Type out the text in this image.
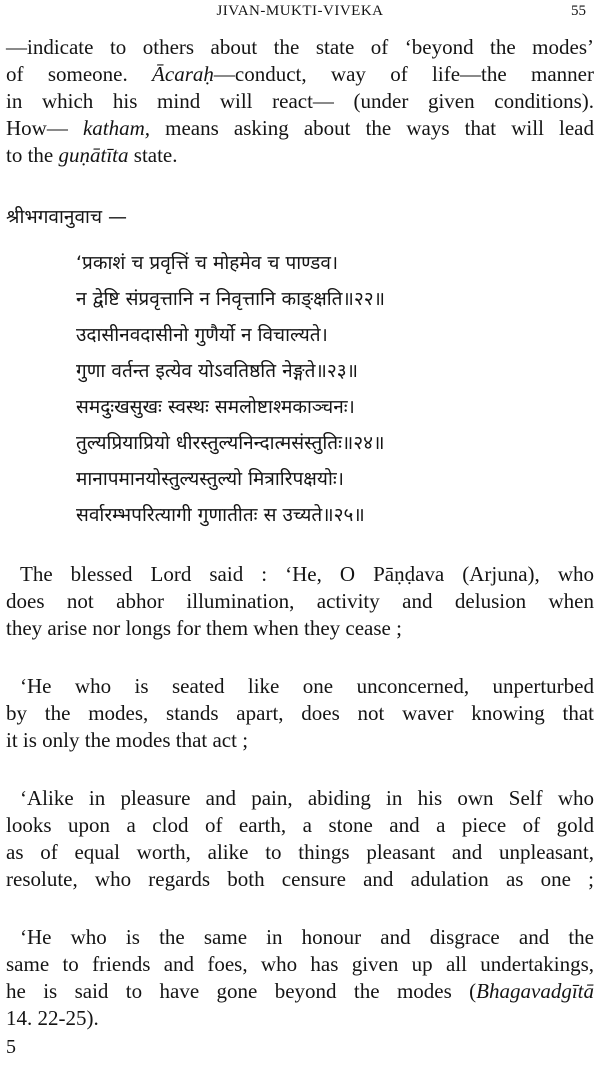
JIVAN-MUKTI-VIVEKA	55

—indicate to others about the state of ‘beyond the modes’
of someone. Ācaraḥ—conduct, way of life—the manner
in which his mind will react— (under given conditions).
How— katham, means asking about the ways that will lead
to the guṇātīta state.

श्रीभगवानुवाच —
‘प्रकाशं च प्रवृत्तिं च मोहमेव च पाण्डव।
न द्वेष्टि संप्रवृत्तानि न निवृत्तानि काङ्क्षति॥२२॥
उदासीनवदासीनो गुणैर्यो न विचाल्यते।
गुणा वर्तन्त इत्येव योऽवतिष्ठति नेङ्गते॥२३॥
समदुःखसुखः स्वस्थः समलोष्टाश्मकाञ्चनः।
तुल्यप्रियाप्रियो धीरस्तुल्यनिन्दात्मसंस्तुतिः॥२४॥
मानापमानयोस्तुल्यस्तुल्यो मित्रारिपक्षयोः।
सर्वारम्भपरित्यागी गुणातीतः स उच्यते॥२५॥

The blessed Lord said : ‘He, O Pāṇḍava (Arjuna), who
does not abhor illumination, activity and delusion when
they arise nor longs for them when they cease ;

‘He who is seated like one unconcerned, unperturbed
by the modes, stands apart, does not waver knowing that
it is only the modes that act ;

‘Alike in pleasure and pain, abiding in his own Self who
looks upon a clod of earth, a stone and a piece of gold
as of equal worth, alike to things pleasant and unpleasant,
resolute, who regards both censure and adulation as one ;

‘He who is the same in honour and disgrace and the
same to friends and foes, who has given up all undertakings,
he is said to have gone beyond the modes (Bhagavadgītā
14. 22-25).

5
